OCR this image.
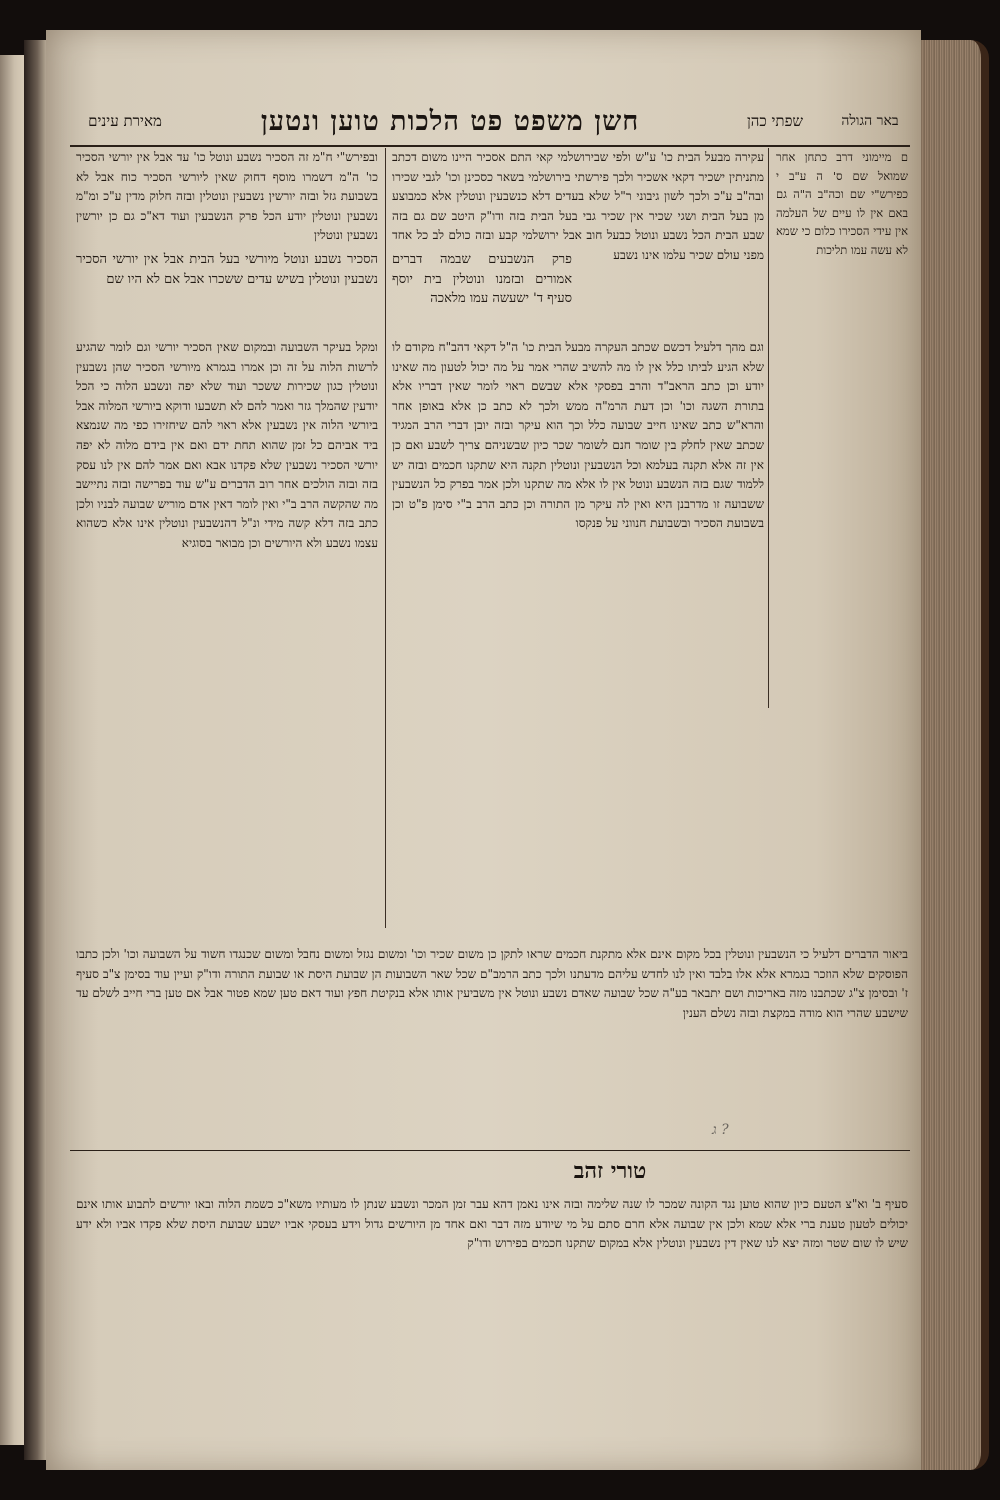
באר הגולה
שפתי כהן
חשן משפט פט הלכות טוען ונטען
מאירת עינים
ם מיימוני דרב כתחן אחר שמואל שם ס' ה ע"ב י כפירש"י שם וכה"ב ה"ה גם באם אין לו עיים של העלמה אין עידי הסכירו כלום כי שמא לא עשה עמו תליכות
עקירה מבעל הבית כו' ע"ש ולפי שבירושלמי קאי התם אסכיר היינו משום דכתב מתניתין ישכיר דקאי אשכיר ולכך פירשתי בירושלמי בשאר כסכינן וכו' לגבי שכירו ובה"ב ע"כ ולכך לשון גיבוני ר"ל שלא בעדים דלא כנשבעין ונוטלין אלא כמבוצע מן בעל הבית ושגי שכיר אין שכיר גבי בעל הבית בזה ודו"ק היטב שם גם בזה שבע הבית הכל נשבע ונוטל כבעל חוב אבל ירושלמי קבע ובזה כולם לב כל אחד מפני עולם שכיר עלמו אינו נשבע
ובפירש"י ח"מ זה הסכיר נשבע ונוטל כו' עד אבל אין יורשי הסכיר כו' ה"מ דשמרו מוסף דחוק שאין ליורשי הסכיר כוח אבל לא בשבועת גזל ובזה יורשין נשבעין ונוטלין ובזה חלוק מדין ע"כ ומ"מ נשבעין ונוטלין יודע הכל פרק הנשבעין ועוד דא"כ גם כן יורשין נשבעין ונוטלין
פרק הנשבעים שבמה דברים אמורים ובזמנו ונוטלין בית יוסף סעיף ד' ישעשה עמו מלאכה
הסכיר נשבע ונוטל מיורשי בעל הבית אבל אין יורשי הסכיר נשבעין ונוטלין בשיש עדים ששכרו אבל אם לא היו שם
ומקל בעיקר השבועה ובמקום שאין הסכיר יורשי וגם לומר שהגיע לרשות הלוה על זה וכן אמרו בגמרא מיורשי הסכיר שהן נשבעין ונוטלין כגון שכירות ששכר ועוד שלא יפה ונשבע הלוה כי הכל יודעין שהמלך גזר ואמר להם לא תשבעו ודוקא ביורשי המלוה אבל ביורשי הלוה אין נשבעין אלא ראוי להם שיחזירו כפי מה שנמצא ביד אביהם כל זמן שהוא תחת ידם ואם אין בידם מלוה לא יפה יורשי הסכיר נשבעין שלא פקדנו אבא ואם אמר להם אין לנו עסק בזה ובזה הולכים אחר רוב הדברים ע"ש עוד בפרישה ובזה נתיישב מה שהקשה הרב ב"י ואין לומר דאין אדם מוריש שבועה לבניו ולכן כתב בזה דלא קשה מידי ונ"ל דהנשבעין ונוטלין אינו אלא כשהוא עצמו נשבע ולא היורשים וכן מבואר בסוגיא
וגם מהך דלעיל דכשם שכתב העקרה מבעל הבית כו' ה"ל דקאי דהב"ח מקודם לו שלא הגיע לביתו כלל אין לו מה להשיב שהרי אמר על מה יכול לטעון מה שאינו יודע וכן כתב הראב"ד והרב בפסקי אלא שבשם ראוי לומר שאין דבריו אלא בתורת השגה וכו' וכן דעת הרמ"ה ממש ולכך לא כתב כן אלא באופן אחר והרא"ש כתב שאינו חייב שבועה כלל וכך הוא עיקר ובזה יובן דברי הרב המגיד שכתב שאין לחלק בין שומר חנם לשומר שכר כיון שבשניהם צריך לשבע ואם כן אין זה אלא תקנה בעלמא וכל הנשבעין ונוטלין תקנה היא שתקנו חכמים ובזה יש ללמוד שגם בזה הנשבע ונוטל אין לו אלא מה שתקנו ולכן אמר בפרק כל הנשבעין ששבועה זו מדרבנן היא ואין לה עיקר מן התורה וכן כתב הרב ב"י סימן פ"ט וכן בשבועת הסכיר ובשבועת חנווני על פנקסו
ביאור הדברים דלעיל כי הנשבעין ונוטלין בכל מקום אינם אלא מתקנת חכמים שראו לתקן כן משום שכיר וכו' ומשום נגזל ומשום נחבל ומשום שכנגדו חשוד על השבועה וכו' ולכן כתבו הפוסקים שלא הוזכר בגמרא אלא אלו בלבד ואין לנו לחדש עליהם מדעתנו ולכך כתב הרמב"ם שכל שאר השבועות הן שבועת היסת או שבועת התורה ודו"ק ועיין עוד בסימן צ"ב סעיף ז' ובסימן צ"ג שכתבנו מזה באריכות ושם יתבאר בע"ה שכל שבועה שאדם נשבע ונוטל אין משביעין אותו אלא בנקיטת חפץ ועוד דאם טען שמא פטור אבל אם טען ברי חייב לשלם עד שישבע שהרי הוא מודה במקצת ובזה נשלם הענין
ג ?
טורי זהב
סעיף ב' וא"צ הטעם כיון שהוא טוען נגד הקונה שמכר לו שנה שלימה ובזה אינו נאמן דהא עבר זמן המכר ונשבע שנתן לו מעותיו משא"כ כשמת הלוה ובאו יורשים לתבוע אותו אינם יכולים לטעון טענת ברי אלא שמא ולכן אין שבועה אלא חרם סתם על מי שיודע מזה דבר ואם אחד מן היורשים גדול וידע בעסקי אביו ישבע שבועת היסת שלא פקדו אביו ולא ידע שיש לו שום שטר ומזה יצא לנו שאין דין נשבעין ונוטלין אלא במקום שתקנו חכמים בפירוש ודו"ק
